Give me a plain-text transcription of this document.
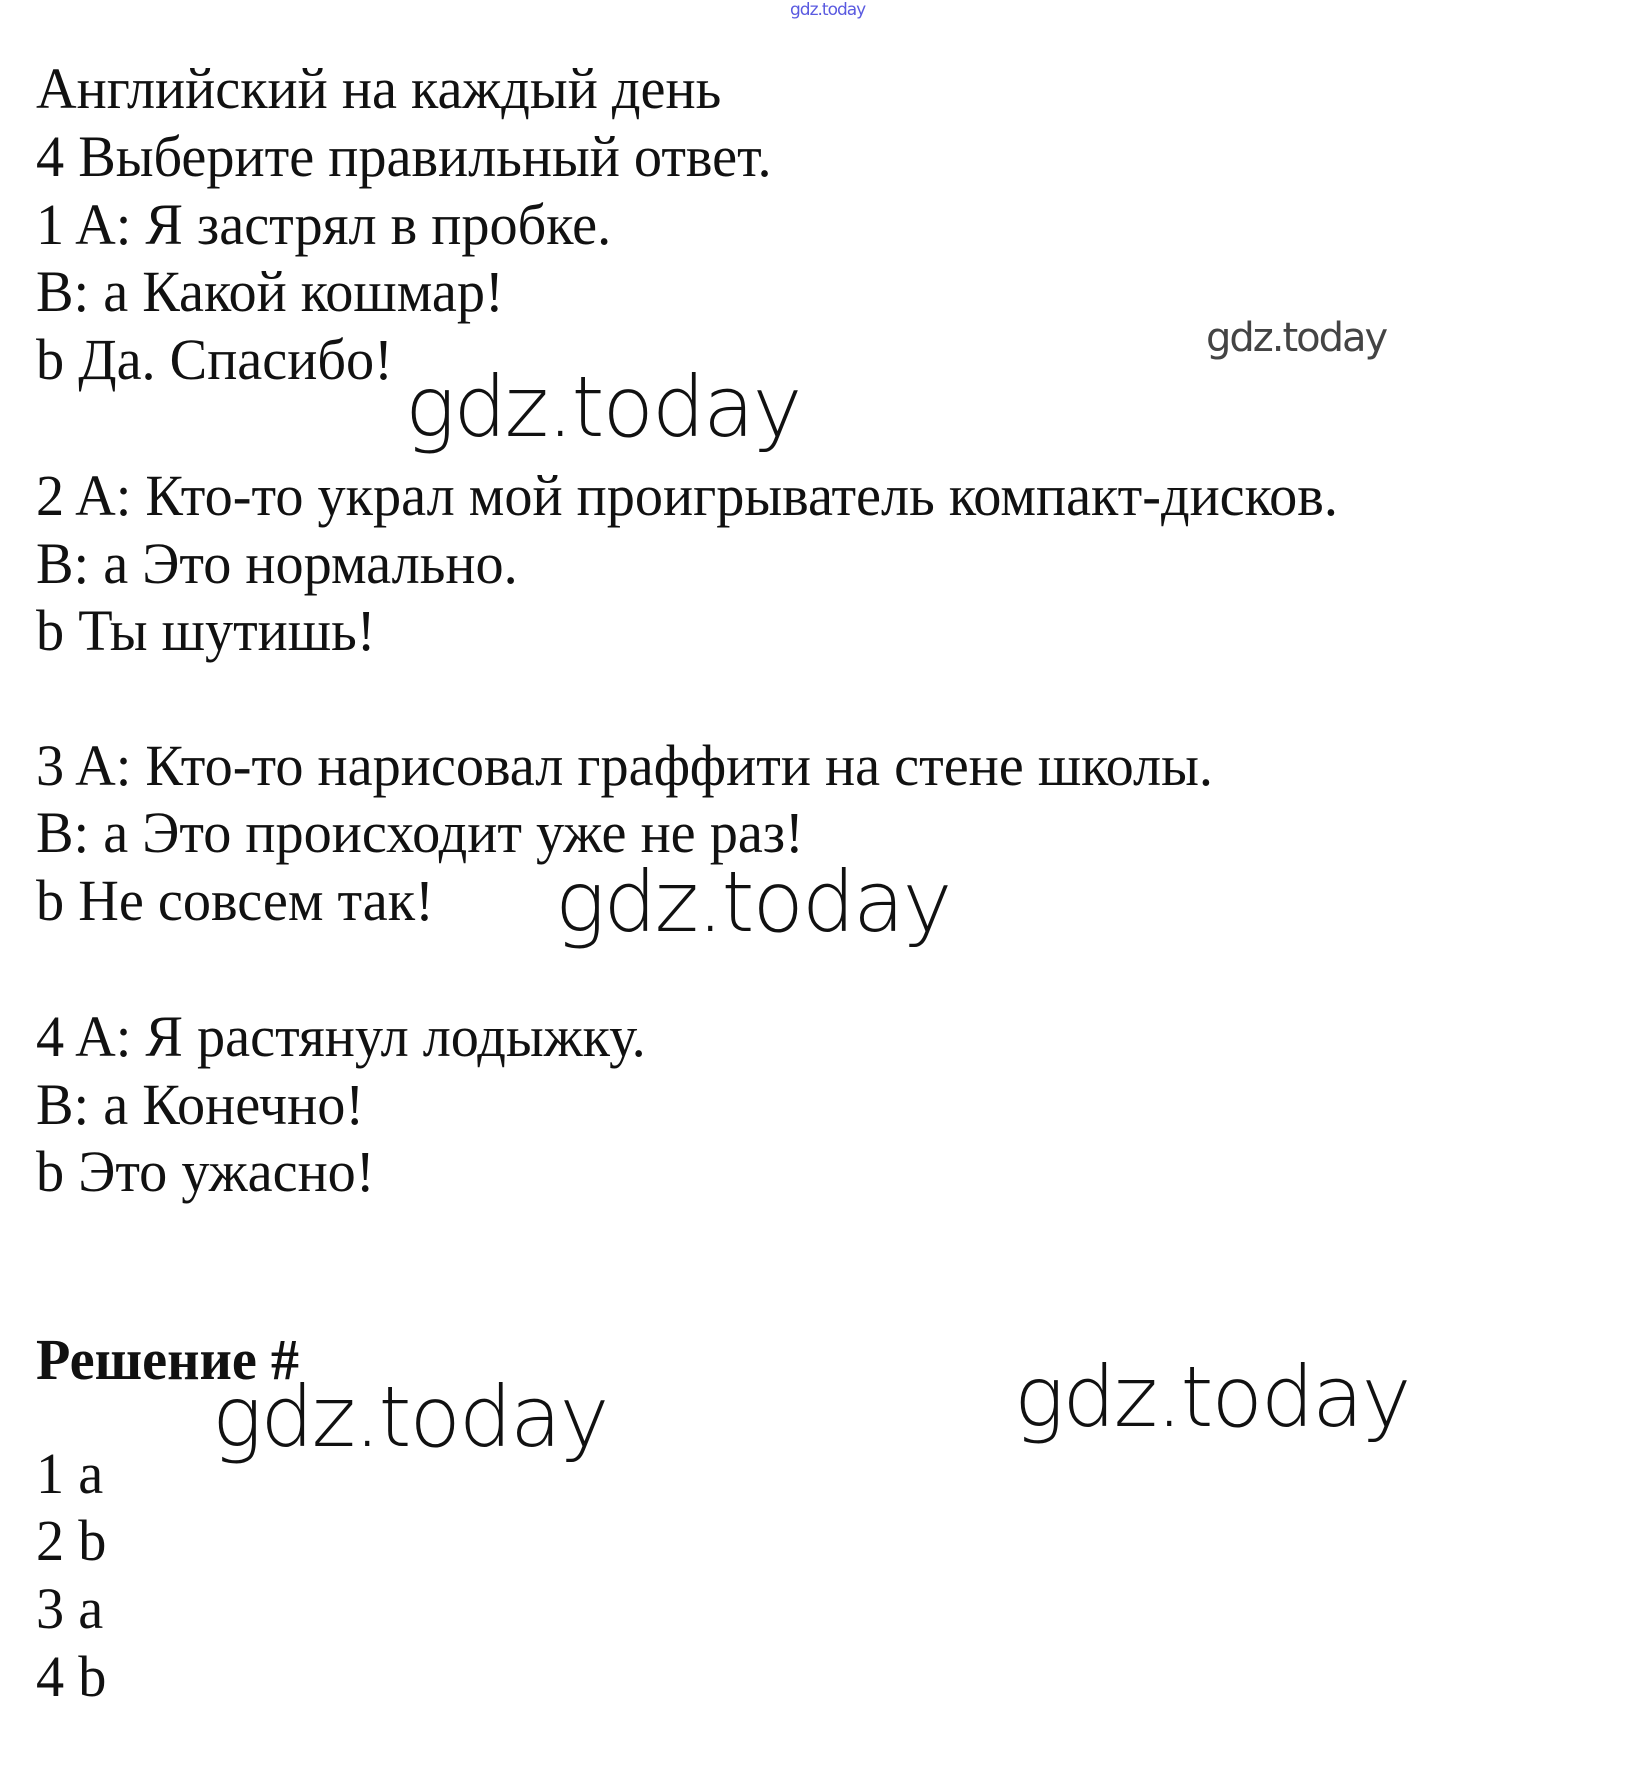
gdz.today
Английский на каждый день
4 Выберите правильный ответ.
1 A: Я застрял в пробке.
B: a Какой кошмар!
b Да. Спасибо!
2 A: Кто-то украл мой проигрыватель компакт-дисков.
B: a Это нормально.
b Ты шутишь!
3 A: Кто-то нарисовал граффити на стене школы.
B: a Это происходит уже не раз!
b Не совсем так!
4 A: Я растянул лодыжку.
B: a Конечно!
b Это ужасно!
Решение #
1 a
2 b
3 a
4 b
gdz.today
gdz.today
gdz.today
gdz.today	gdz.today
